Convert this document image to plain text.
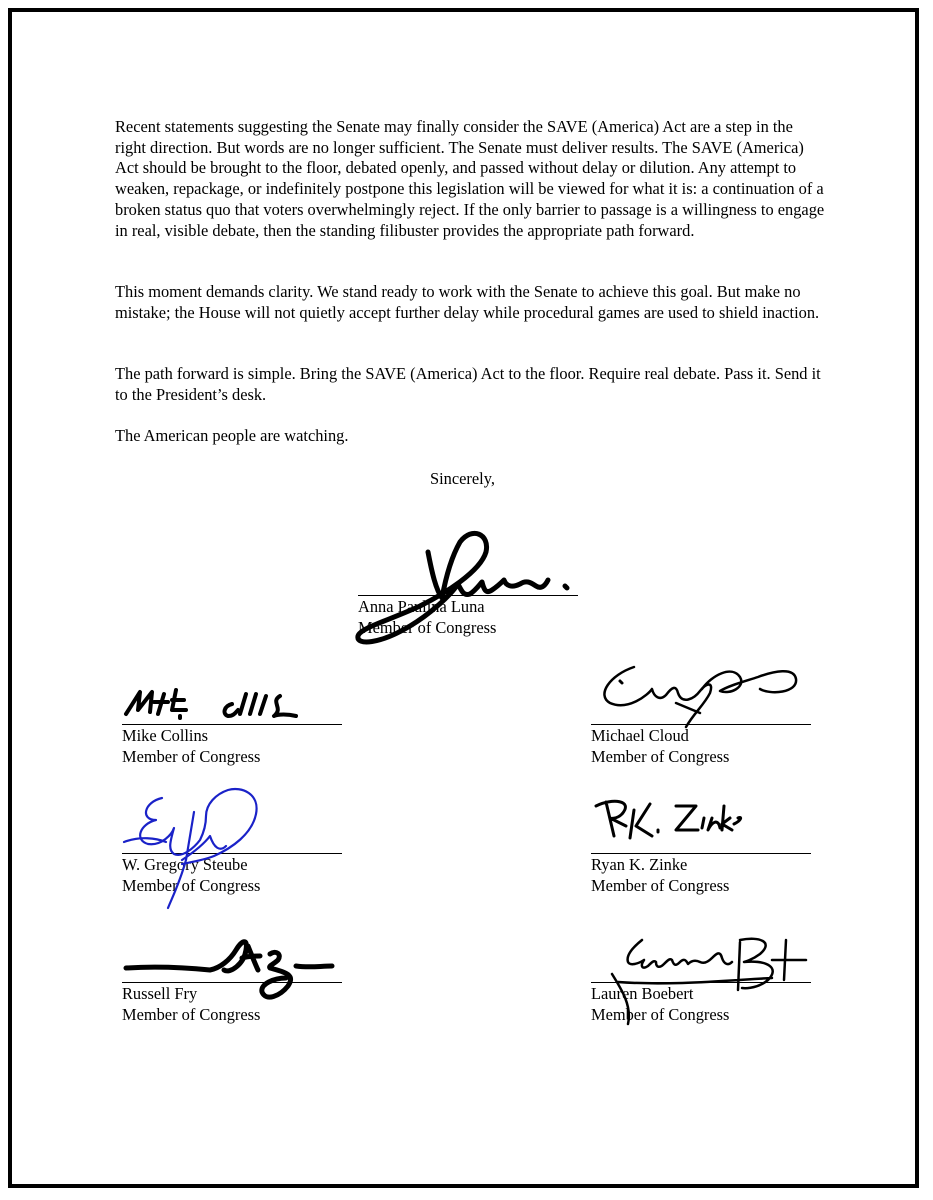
Recent statements suggesting the Senate may finally consider the SAVE (America) Act are a step in the right direction. But words are no longer sufficient. The Senate must deliver results. The SAVE (America) Act should be brought to the floor, debated openly, and passed without delay or dilution. Any attempt to weaken, repackage, or indefinitely postpone this legislation will be viewed for what it is: a continuation of a broken status quo that voters overwhelmingly reject. If the only barrier to passage is a willingness to engage in real, visible debate, then the standing filibuster provides the appropriate path forward.

This moment demands clarity. We stand ready to work with the Senate to achieve this goal. But make no mistake; the House will not quietly accept further delay while procedural games are used to shield inaction.

The path forward is simple. Bring the SAVE (America) Act to the floor. Require real debate. Pass it. Send it to the President’s desk.

The American people are watching.

Sincerely,
Anna Paulina Luna
Member of Congress
Mike Collins
Member of Congress
Michael Cloud
Member of Congress
W. Gregory Steube
Member of Congress
Ryan K. Zinke
Member of Congress
Russell Fry
Member of Congress
Lauren Boebert
Member of Congress
